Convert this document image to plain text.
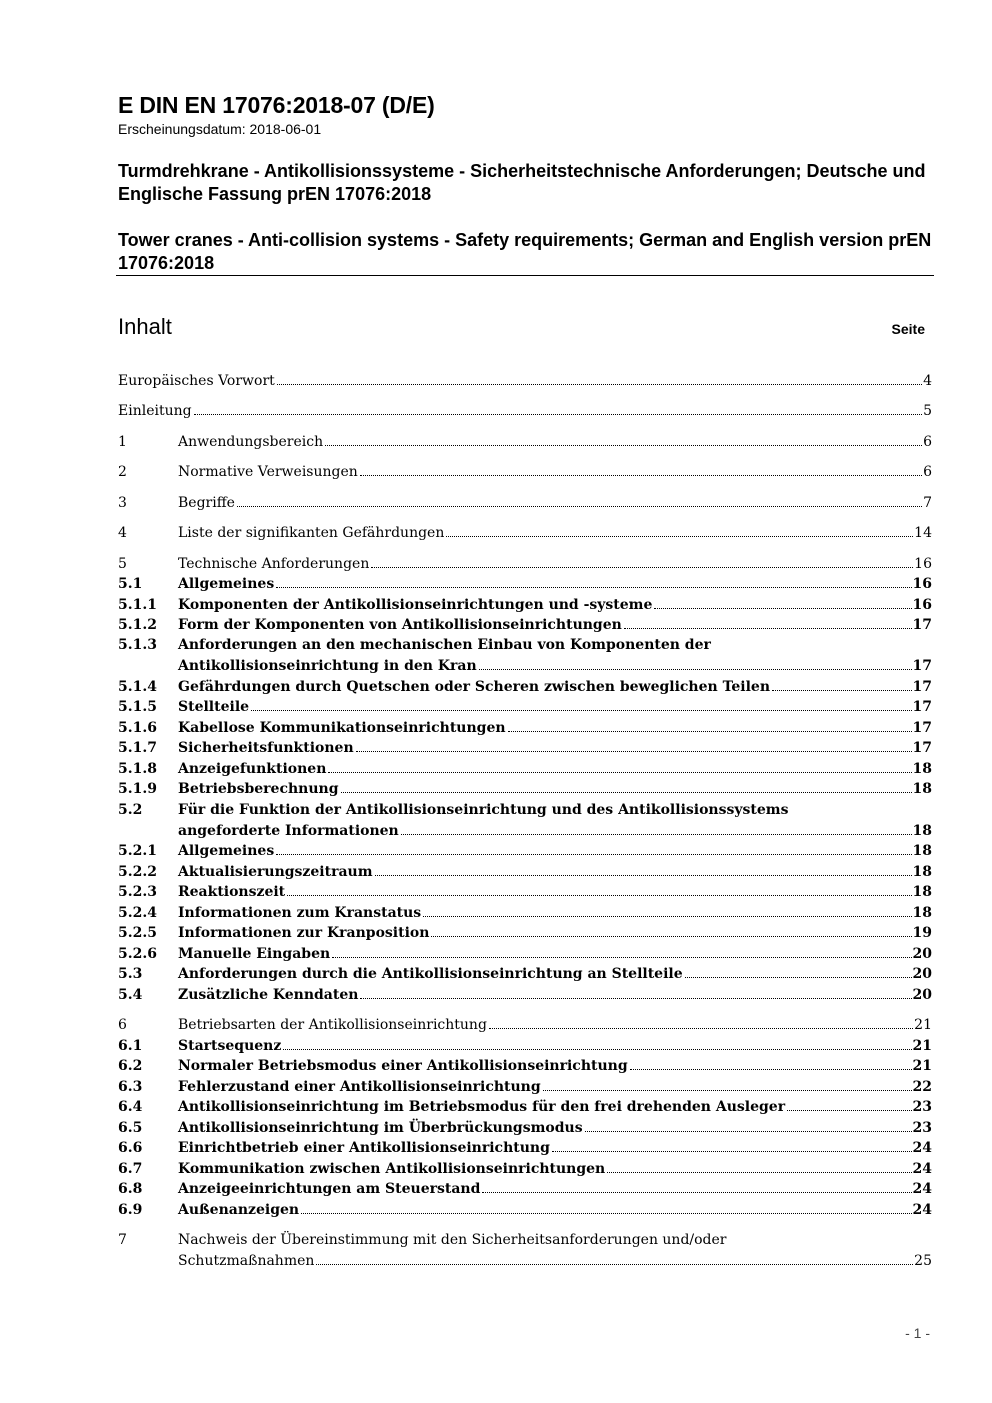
E DIN EN 17076:2018-07 (D/E)
Erscheinungsdatum: 2018-06-01
Turmdrehkrane - Antikollisionssysteme - Sicherheitstechnische Anforderungen; Deutsche und Englische Fassung prEN 17076:2018
Tower cranes - Anti-collision systems - Safety requirements; German and English version prEN 17076:2018
Inhalt	Seite
Europäisches Vorwort	4
Einleitung	5
1	Anwendungsbereich	6
2	Normative Verweisungen	6
3	Begriffe	7
4	Liste der signifikanten Gefährdungen	14
5	Technische Anforderungen	16
5.1	Allgemeines	16
5.1.1 Komponenten der Antikollisionseinrichtungen und -systeme	16
5.1.2 Form der Komponenten von Antikollisionseinrichtungen	17
5.1.3 Anforderungen an den mechanischen Einbau von Komponenten der
Antikollisionseinrichtung in den Kran	17
5.1.4 Gefährdungen durch Quetschen oder Scheren zwischen beweglichen Teilen	17
5.1.5 Stellteile	17
5.1.6 Kabellose Kommunikationseinrichtungen	17
5.1.7 Sicherheitsfunktionen	17
5.1.8 Anzeigefunktionen	18
5.1.9 Betriebsberechnung	18
5.2	Für die Funktion der Antikollisionseinrichtung und des Antikollisionssystems
angeforderte Informationen	18
5.2.1 Allgemeines	18
5.2.2 Aktualisierungszeitraum	18
5.2.3 Reaktionszeit	18
5.2.4 Informationen zum Kranstatus	18
5.2.5 Informationen zur Kranposition	19
5.2.6 Manuelle Eingaben	20
5.3	Anforderungen durch die Antikollisionseinrichtung an Stellteile	20
5.4	Zusätzliche Kenndaten	20
6	Betriebsarten der Antikollisionseinrichtung	21
6.1	Startsequenz	21
6.2	Normaler Betriebsmodus einer Antikollisionseinrichtung	21
6.3	Fehlerzustand einer Antikollisionseinrichtung	22
6.4	Antikollisionseinrichtung im Betriebsmodus für den frei drehenden Ausleger	23
6.5	Antikollisionseinrichtung im Überbrückungsmodus	23
6.6	Einrichtbetrieb einer Antikollisionseinrichtung	24
6.7	Kommunikation zwischen Antikollisionseinrichtungen	24
6.8	Anzeigeeinrichtungen am Steuerstand	24
6.9	Außenanzeigen	24
7	Nachweis der Übereinstimmung mit den Sicherheitsanforderungen und/oder
Schutzmaßnahmen	25
- 1 -
